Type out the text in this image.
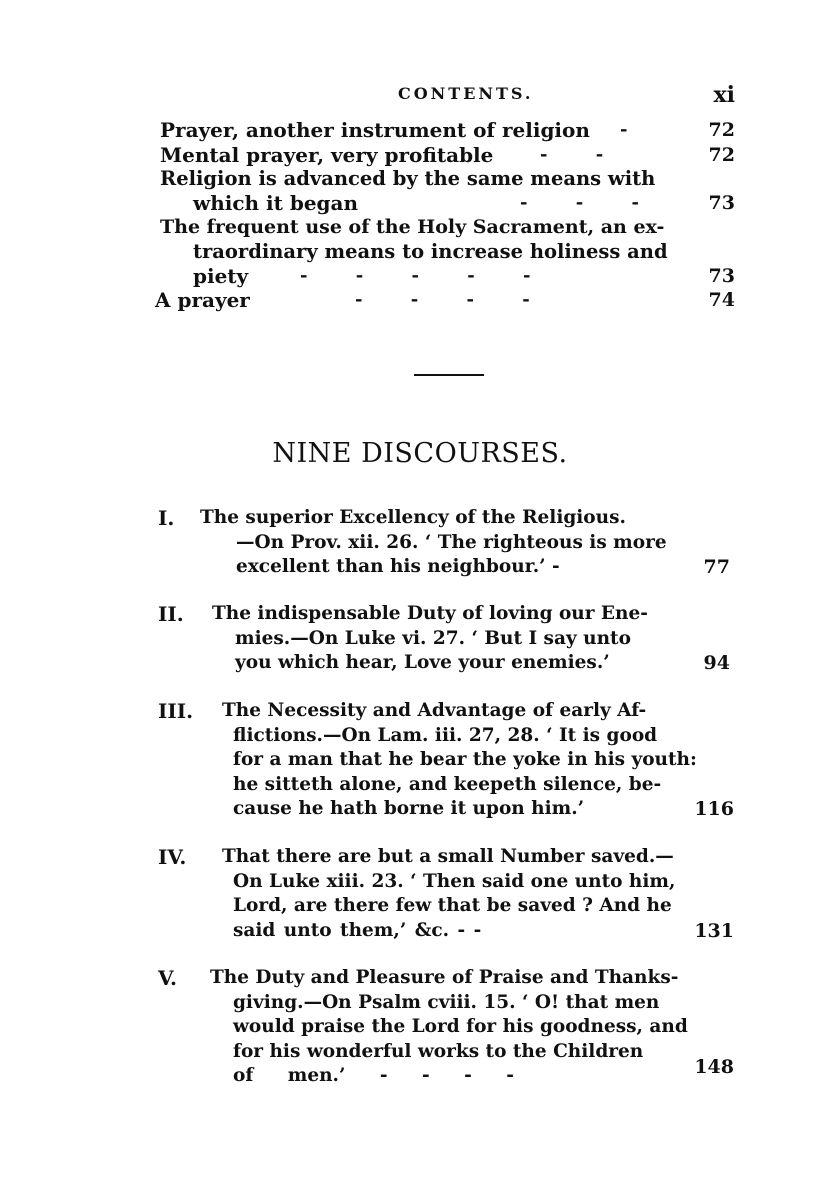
CONTENTS.	xi
Prayer, another instrument of religion -	72
Mental prayer, very profitable	- -	72
Religion is advanced by the same means with
which it began	- - -	73
The frequent use of the Holy Sacrament, an ex-
traordinary means to increase holiness and
piety	- - - - -	73
A prayer	- - - -	74
NINE DISCOURSES.
I. The superior Excellency of the Religious.
—On Prov. xii. 26. ‘ The righteous is more
excellent than his neighbour.’ -	77
II. The indispensable Duty of loving our Ene-
mies.—On Luke vi. 27. ‘ But I say unto
you which hear, Love your enemies.’	94
III. The Necessity and Advantage of early Af-
flictions.—On Lam. iii. 27, 28. ‘ It is good
for a man that he bear the yoke in his youth:
he sitteth alone, and keepeth silence, be-
cause he hath borne it upon him.’	116
IV. That there are but a small Number saved.—
On Luke xiii. 23. ‘ Then said one unto him,
Lord, are there few that be saved ? And he
said unto them,’ &c. - -	131
V. The Duty and Pleasure of Praise and Thanks-
giving.—On Psalm cviii. 15. ‘ O! that men
would praise the Lord for his goodness, and
for his wonderful works to the Children
of men.’ - - - -	148
